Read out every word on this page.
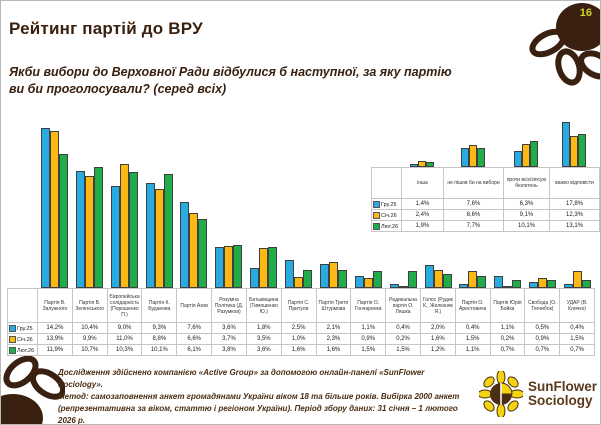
Рейтинг партій до ВРУ
Якби вибори до Верховної Ради відбулися б наступної, за яку партію ви би проголосували? (серед всіх)
16
	Партія В. Залужного	Партія В. Зеленського	Європейська солідарність (Порошенко П.)	Партія К. Буданова	Партія Азов	Розумна Політика (Д. Разумков)	Батьківщина (Тимошенко Ю.)	Партія С. Притули	Партія Третя Штурмова	Партія О. Гончаренка	Радикальна партія О. Ляшка	Голос (Рудик К., Железняк Я.)	Партія О. Арестовича	Партія Юрія Бойка	Свобода (О. Тягнибок)	УДАР (В. Кличко)
Гру.25	14,2%	10,4%	9,0%	9,3%	7,6%	3,6%	1,8%	2,5%	2,1%	1,1%	0,4%	2,0%	0,4%	1,1%	0,5%	0,4%
Січ.26	13,9%	9,9%	11,0%	8,8%	6,6%	3,7%	3,5%	1,0%	2,3%	0,9%	0,2%	1,6%	1,5%	0,2%	0,9%	1,5%
Лют.26	11,9%	10,7%	10,3%	10,1%	6,1%	3,8%	3,6%	1,6%	1,6%	1,5%	1,5%	1,2%	1,1%	0,7%	0,7%	0,7%
	інша	не пішов би на вибори	проти всіх/зіпсую бюлетень	важко відповісти
Гру.25	1,4%	7,6%	6,3%	17,8%
Січ.26	2,4%	8,6%	9,1%	12,3%
Лют.26	1,9%	7,7%	10,1%	13,1%
Дослідження здійснено компанією «Active Group» за допомогою онлайн-панелі «SunFlower Sociology».
Метод: самозаповнення анкет громадянами України віком 18 та більше років. Вибірка 2000 анкет
(репрезентативна за віком, статтю і регіоном України). Період збору даних: 31 січня – 1 лютого 2026 р.
SunFlower
Sociology
